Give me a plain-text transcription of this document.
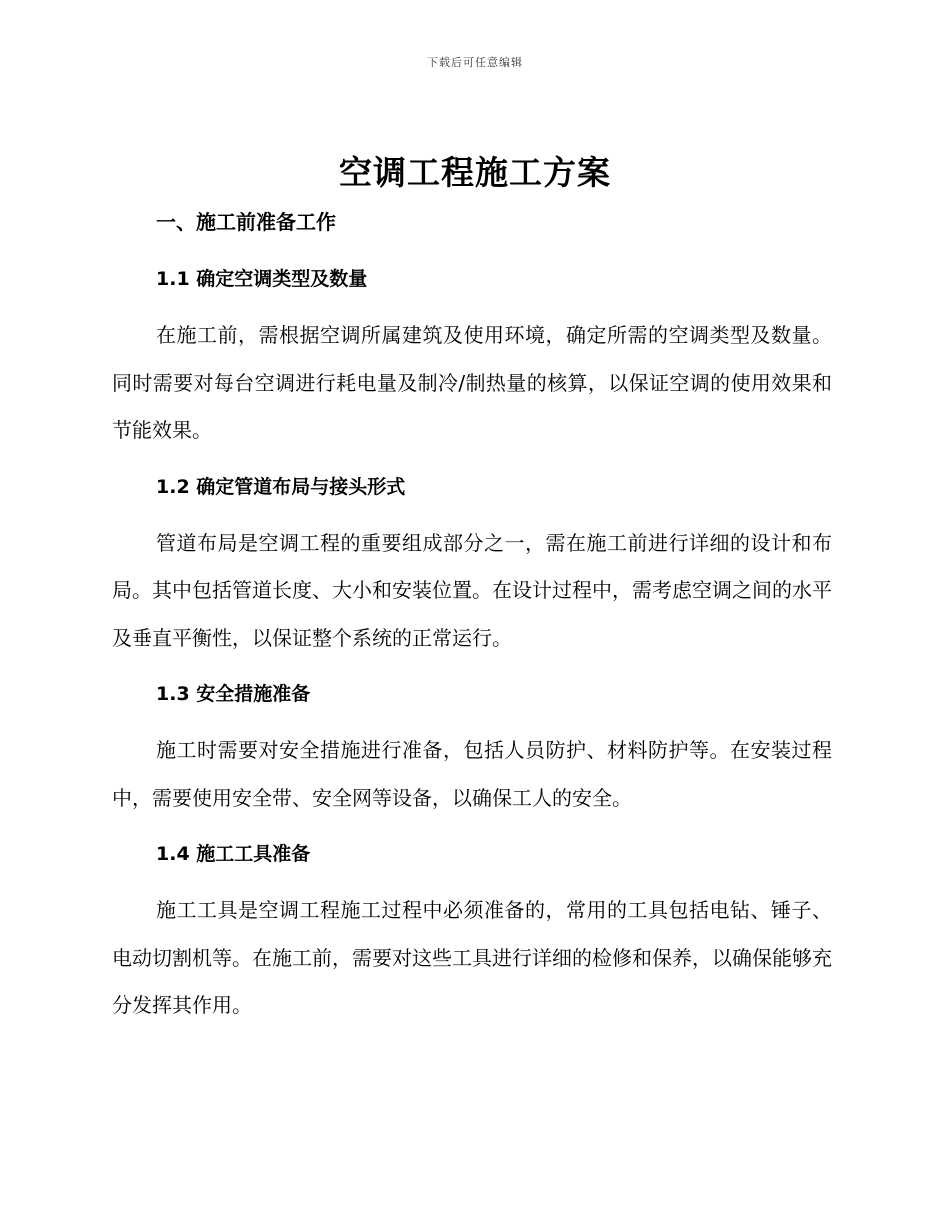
下载后可任意编辑
空调工程施工方案
一、施工前准备工作
1.1 确定空调类型及数量

在施工前，需根据空调所属建筑及使用环境，确定所需的空调类型及数量。同时需要对每台空调进行耗电量及制冷/制热量的核算，以保证空调的使用效果和节能效果。

1.2 确定管道布局与接头形式

管道布局是空调工程的重要组成部分之一，需在施工前进行详细的设计和布局。其中包括管道长度、大小和安装位置。在设计过程中，需考虑空调之间的水平及垂直平衡性，以保证整个系统的正常运行。

1.3 安全措施准备

施工时需要对安全措施进行准备，包括人员防护、材料防护等。在安装过程中，需要使用安全带、安全网等设备，以确保工人的安全。

1.4 施工工具准备

施工工具是空调工程施工过程中必须准备的，常用的工具包括电钻、锤子、电动切割机等。在施工前，需要对这些工具进行详细的检修和保养，以确保能够充分发挥其作用。
